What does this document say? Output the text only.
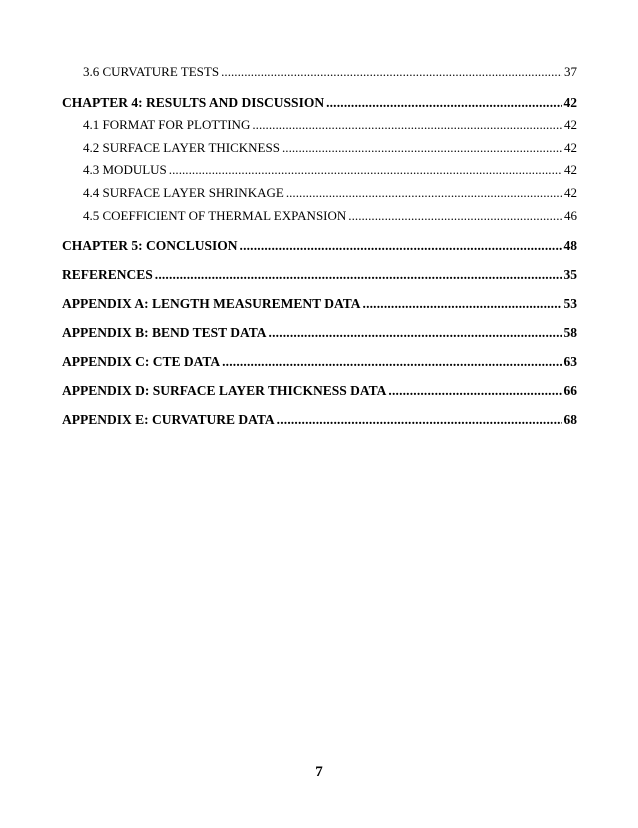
3.6 CURVATURE TESTS . . .	37
CHAPTER 4: RESULTS AND DISCUSSION . . .	42
4.1 FORMAT FOR PLOTTING . . .	42
4.2 SURFACE LAYER THICKNESS . . .	42
4.3 MODULUS . . .	42
4.4 SURFACE LAYER SHRINKAGE . . .	42
4.5 COEFFICIENT OF THERMAL EXPANSION . . .	46
CHAPTER 5: CONCLUSION . . .	48
REFERENCES . . .	35
APPENDIX A: LENGTH MEASUREMENT DATA . . .	53
APPENDIX B: BEND TEST DATA . . .	58
APPENDIX C: CTE DATA . . .	63
APPENDIX D: SURFACE LAYER THICKNESS DATA . . .	66
APPENDIX E: CURVATURE DATA . . .	68
7
